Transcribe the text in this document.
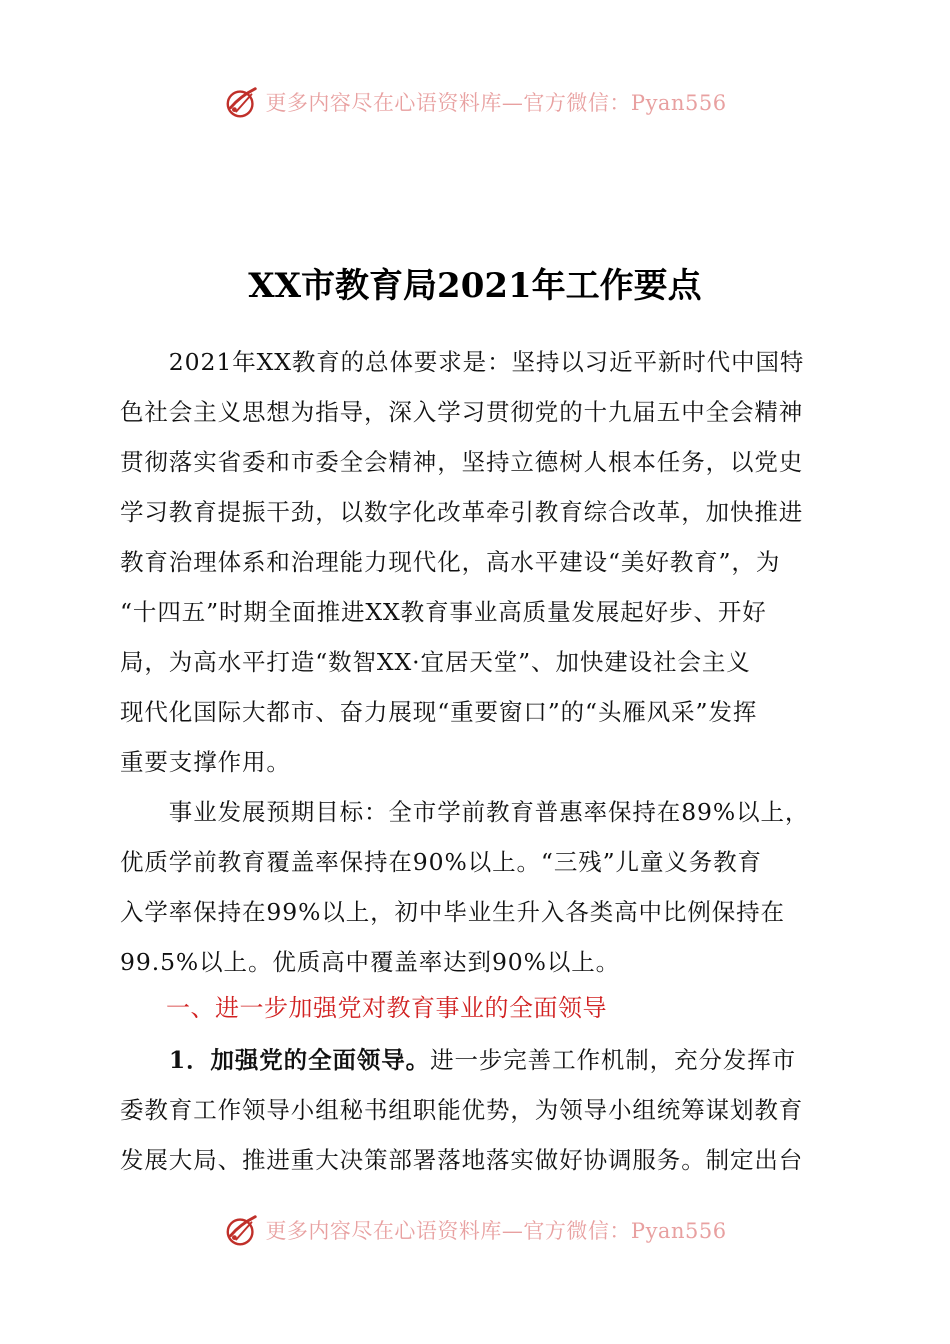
更多内容尽在心语资料库—官方微信：Pyan556
XX市教育局2021年工作要点
　　2021年XX教育的总体要求是：坚持以习近平新时代中国特
色社会主义思想为指导，深入学习贯彻党的十九届五中全会精神
贯彻落实省委和市委全会精神，坚持立德树人根本任务，以党史
学习教育提振干劲，以数字化改革牵引教育综合改革，加快推进
教育治理体系和治理能力现代化，高水平建设“美好教育”，为
“十四五”时期全面推进XX教育事业高质量发展起好步、开好
局，为高水平打造“数智XX·宜居天堂”、加快建设社会主义
现代化国际大都市、奋力展现“重要窗口”的“头雁风采”发挥
重要支撑作用。
　　事业发展预期目标：全市学前教育普惠率保持在89%以上，
优质学前教育覆盖率保持在90%以上。“三残”儿童义务教育
入学率保持在99%以上，初中毕业生升入各类高中比例保持在
99.5%以上。优质高中覆盖率达到90%以上。
一、进一步加强党对教育事业的全面领导
　　1．加强党的全面领导。进一步完善工作机制，充分发挥市
委教育工作领导小组秘书组职能优势，为领导小组统筹谋划教育
发展大局、推进重大决策部署落地落实做好协调服务。制定出台
更多内容尽在心语资料库—官方微信：Pyan556
